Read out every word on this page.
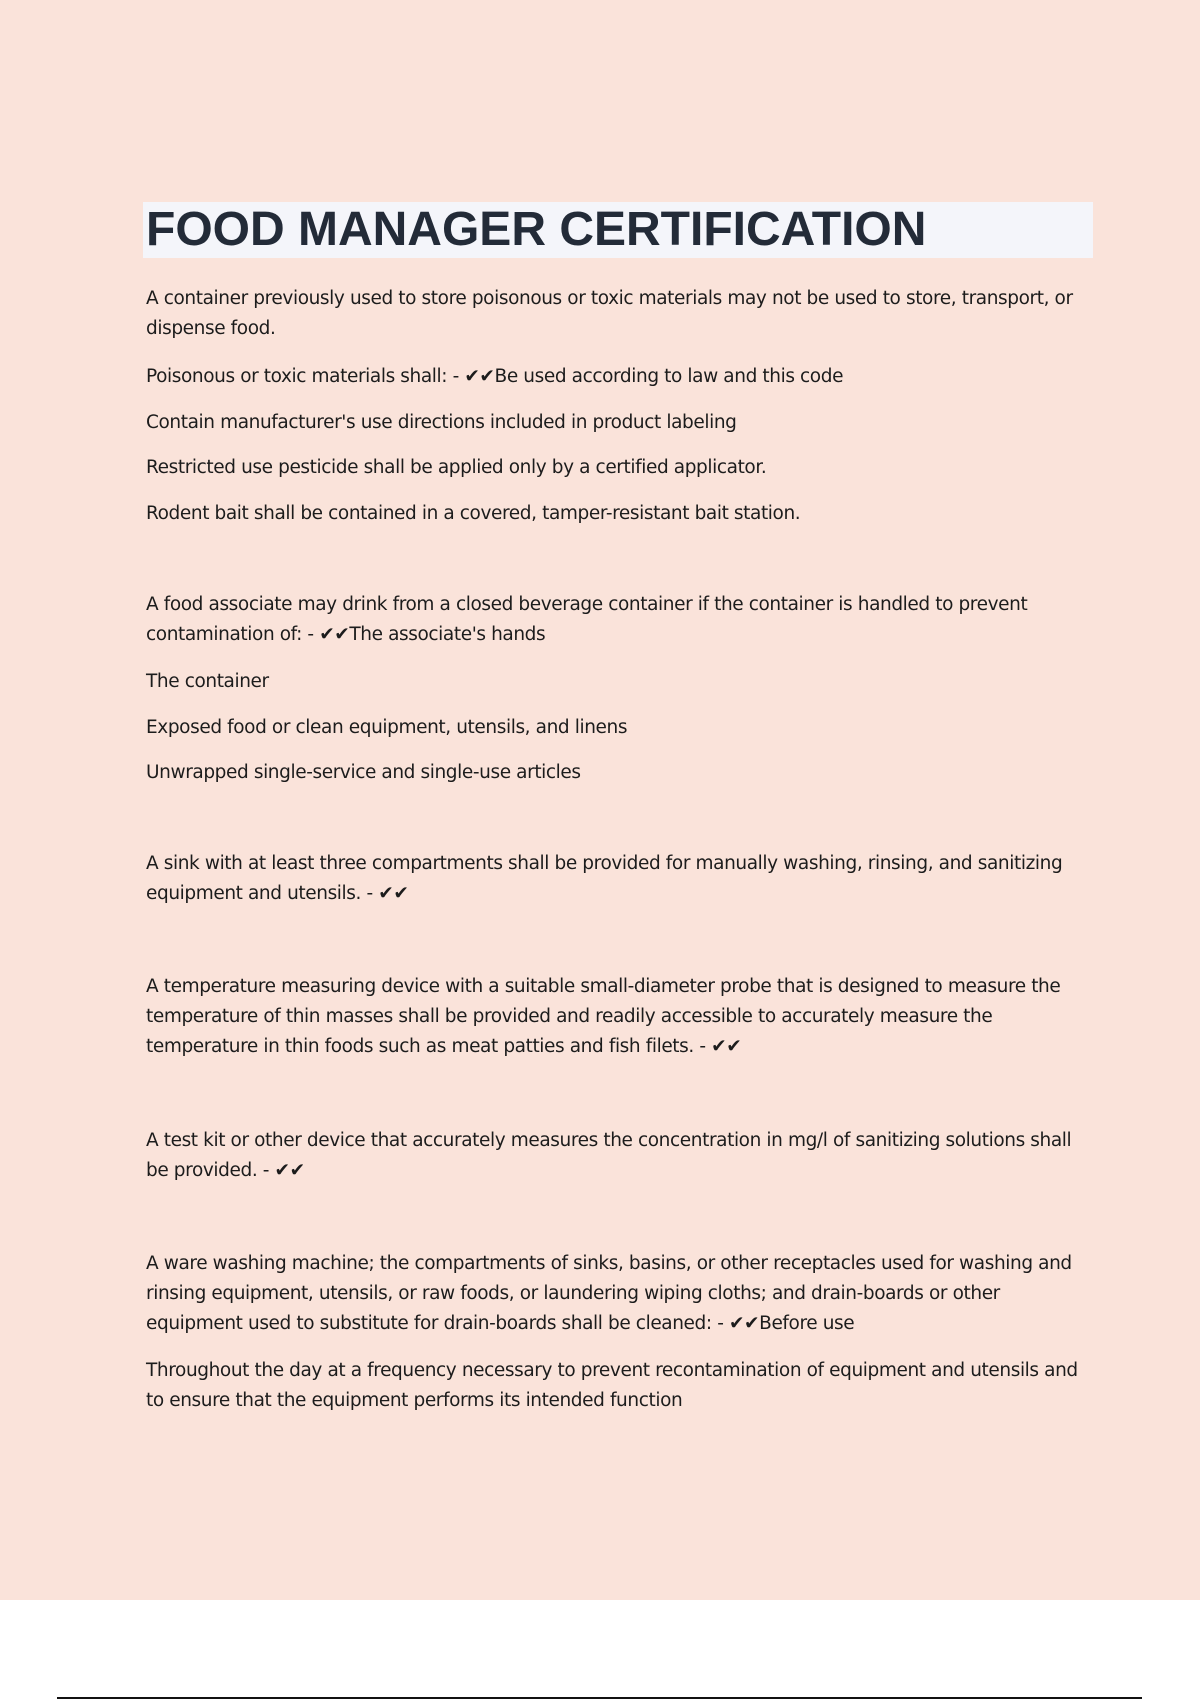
FOOD MANAGER CERTIFICATION

A container previously used to store poisonous or toxic materials may not be used to store, transport, or dispense food.

Poisonous or toxic materials shall: - ✔✔Be used according to law and this code

Contain manufacturer's use directions included in product labeling

Restricted use pesticide shall be applied only by a certified applicator.

Rodent bait shall be contained in a covered, tamper-resistant bait station.

A food associate may drink from a closed beverage container if the container is handled to prevent contamination of: - ✔✔The associate's hands

The container

Exposed food or clean equipment, utensils, and linens

Unwrapped single-service and single-use articles

A sink with at least three compartments shall be provided for manually washing, rinsing, and sanitizing equipment and utensils. - ✔✔

A temperature measuring device with a suitable small-diameter probe that is designed to measure the temperature of thin masses shall be provided and readily accessible to accurately measure the temperature in thin foods such as meat patties and fish filets. - ✔✔

A test kit or other device that accurately measures the concentration in mg/l of sanitizing solutions shall be provided. - ✔✔

A ware washing machine; the compartments of sinks, basins, or other receptacles used for washing and rinsing equipment, utensils, or raw foods, or laundering wiping cloths; and drain-boards or other equipment used to substitute for drain-boards shall be cleaned: - ✔✔Before use

Throughout the day at a frequency necessary to prevent recontamination of equipment and utensils and to ensure that the equipment performs its intended function
